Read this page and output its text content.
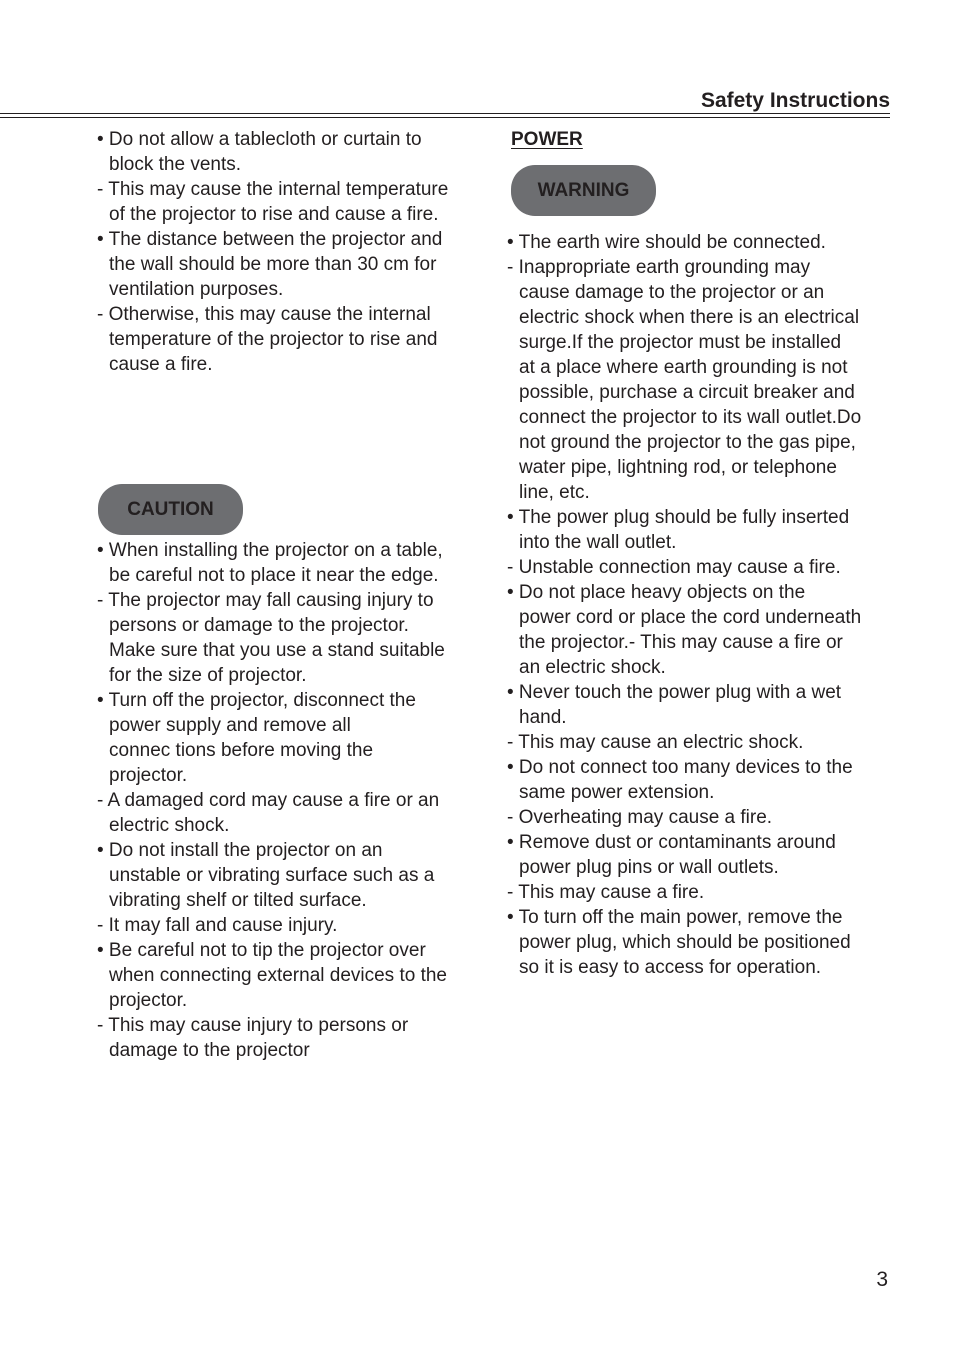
Safety Instructions

• Do not allow a tablecloth or curtain to
block the vents.

- This may cause the internal temperature
of the projector to rise and cause a fire.

• The distance between the projector and
the wall should be more than 30 cm for
ventilation purposes.

- Otherwise, this may cause the internal
temperature of the projector to rise and
cause a fire.

CAUTION

• When installing the projector on a table,
be careful not to place it near the edge.

- The projector may fall causing injury to
persons or damage to the projector.
Make sure that you use a stand suitable
for the size of projector.

• Turn off the projector, disconnect the
power supply and remove all
connec tions before moving the
projector.

- A damaged cord may cause a fire or an
electric shock.

• Do not install the projector on an
unstable or vibrating surface such as a
vibrating shelf or tilted surface.

- It may fall and cause injury.

• Be careful not to tip the projector over
when connecting external devices to the
projector.

- This may cause injury to persons or
damage to the projector

POWER
WARNING

• The earth wire should be connected.

- Inappropriate earth grounding may
cause damage to the projector or an
electric shock when there is an electrical
surge.If the projector must be installed
at a place where earth grounding is not
possible, purchase a circuit breaker and
connect the projector to its wall outlet.Do
not ground the projector to the gas pipe,
water pipe, lightning rod, or telephone
line, etc.

• The power plug should be fully inserted
into the wall outlet.

- Unstable connection may cause a fire.

• Do not place heavy objects on the
power cord or place the cord underneath
the projector.- This may cause a fire or
an electric shock.

• Never touch the power plug with a wet
hand.

- This may cause an electric shock.

• Do not connect too many devices to the
same power extension.

- Overheating may cause a fire.

• Remove dust or contaminants around
power plug pins or wall outlets.

- This may cause a fire.

• To turn off the main power, remove the
power plug, which should be positioned
so it is easy to access for operation.

3
